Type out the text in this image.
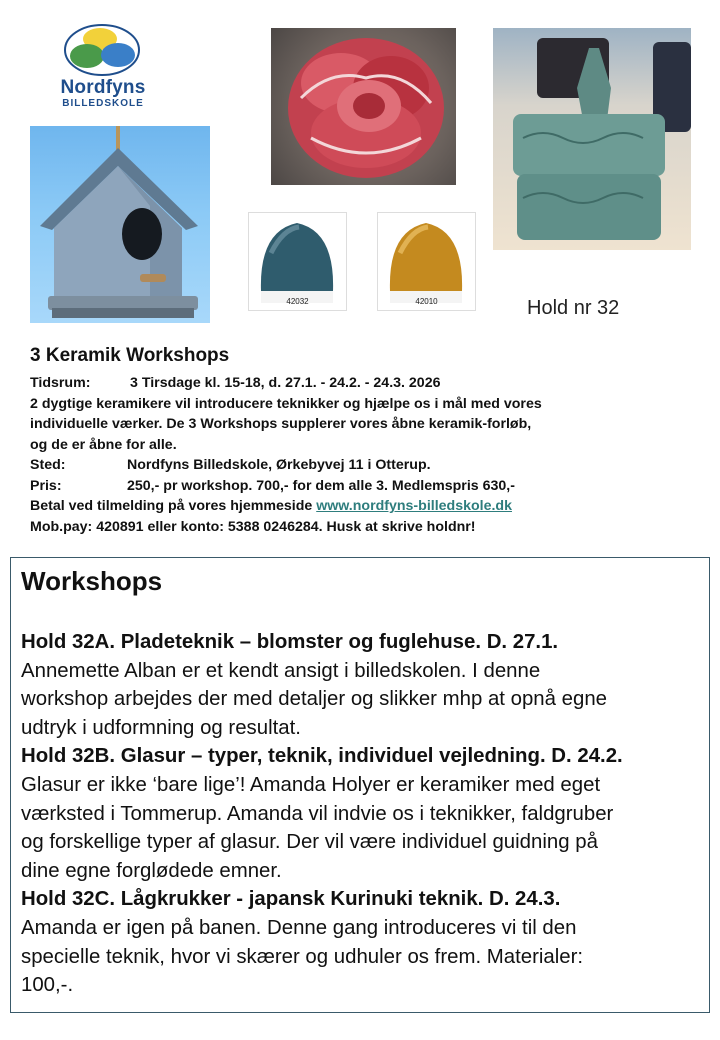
Nordfyns
BILLEDSKOLE
42032	42010	Hold nr 32
3 Keramik Workshops
Tidsrum:	3 Tirsdage kl. 15-18, d. 27.1. - 24.2. - 24.3. 2026
2 dygtige keramikere vil introducere teknikker og hjælpe os i mål med vores
individuelle værker. De 3 Workshops supplerer vores åbne keramik-forløb,
og de er åbne for alle.
Sted:	Nordfyns Billedskole, Ørkebyvej 11 i Otterup.
Pris:	250,- pr workshop. 700,- for dem alle 3. Medlemspris 630,-
Betal ved tilmelding på vores hjemmeside www.nordfyns-billedskole.dk
Mob.pay: 420891 eller konto: 5388 0246284. Husk at skrive holdnr!
Workshops

Hold 32A. Pladeteknik – blomster og fuglehuse. D. 27.1.

Annemette Alban er et kendt ansigt i billedskolen. I denne

workshop arbejdes der med detaljer og slikker mhp at opnå egne

udtryk i udformning og resultat.

Hold 32B. Glasur – typer, teknik, individuel vejledning. D. 24.2.

Glasur er ikke ‘bare lige’! Amanda Holyer er keramiker med eget

værksted i Tommerup. Amanda vil indvie os i teknikker, faldgruber

og forskellige typer af glasur. Der vil være individuel guidning på

dine egne forglødede emner.

Hold 32C. Lågkrukker - japansk Kurinuki teknik. D. 24.3.

Amanda er igen på banen. Denne gang introduceres vi til den

specielle teknik, hvor vi skærer og udhuler os frem. Materialer:

100,-.
